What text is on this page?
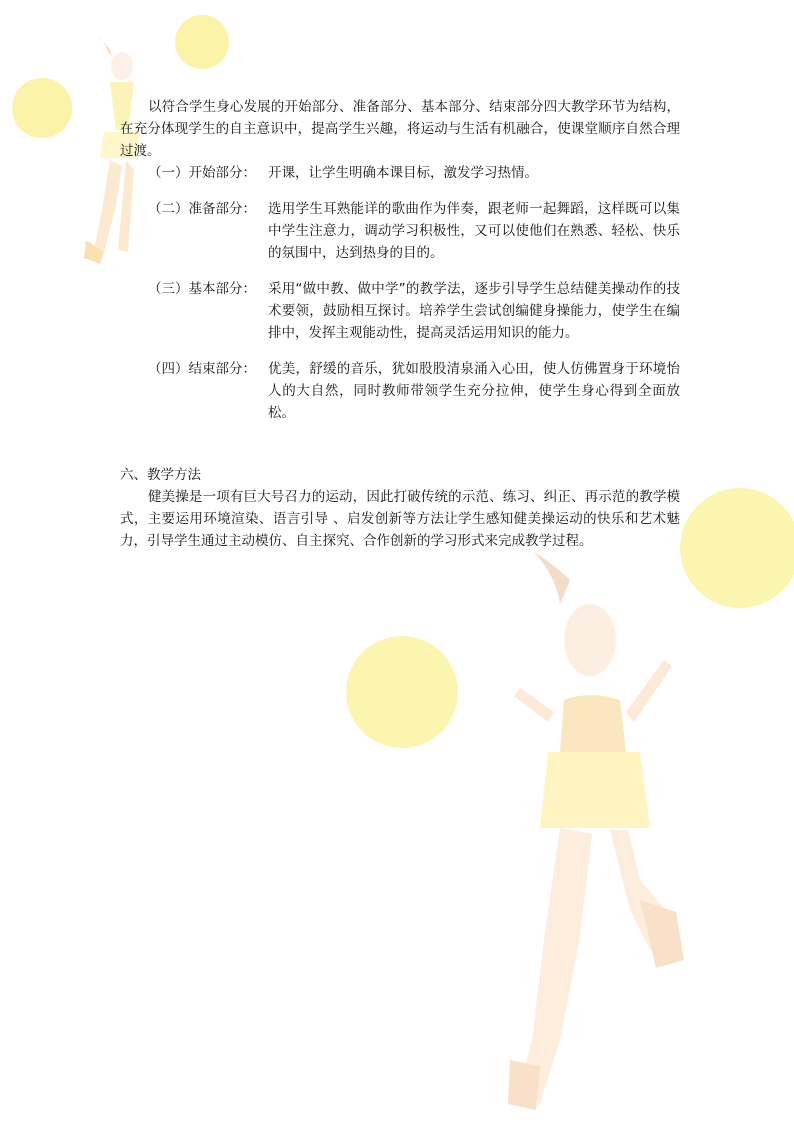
以符合学生身心发展的开始部分、准备部分、基本部分、结束部分四大教学环节为结构，在充分体现学生的自主意识中，提高学生兴趣，将运动与生活有机融合，使课堂顺序自然合理过渡。

（一）开始部分： 开课，让学生明确本课目标，激发学习热情。
（二）准备部分： 选用学生耳熟能详的歌曲作为伴奏，跟老师一起舞蹈，这样既可以集中学生注意力，调动学习积极性，又可以使他们在熟悉、轻松、快乐的氛围中，达到热身的目的。
（三）基本部分： 采用“做中教、做中学”的教学法，逐步引导学生总结健美操动作的技术要领，鼓励相互探讨。培养学生尝试创编健身操能力，使学生在编排中，发挥主观能动性，提高灵活运用知识的能力。
（四）结束部分： 优美，舒缓的音乐，犹如股股清泉涌入心田，使人仿佛置身于环境怡人的大自然，同时教师带领学生充分拉伸，使学生身心得到全面放松。
六、教学方法

健美操是一项有巨大号召力的运动，因此打破传统的示范、练习、纠正、再示范的教学模式，主要运用环境渲染、语言引导 、启发创新等方法让学生感知健美操运动的快乐和艺术魅力，引导学生通过主动模仿、自主探究、合作创新的学习形式来完成教学过程。
